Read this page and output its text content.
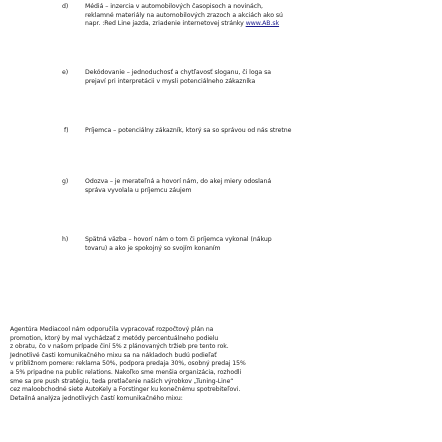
d)	Médiá – inzercia v automobilových časopisoch a novinách,
reklamné materiály na automobilových zrazoch a akciách ako sú
napr. :Red Line jazda, zriadenie internetovej stránky www.AB.sk
e)	Dekódovanie – jednoduchosť a chytľavosť sloganu, či loga sa
prejaví pri interpretácii v mysli potenciálneho zákazníka
f)	Príjemca – potenciálny zákazník, ktorý sa so správou od nás stretne
g)	Odozva – je merateľná a hovorí nám, do akej miery odoslaná
správa vyvolala u príjemcu záujem
h)	Spätná väzba – hovorí nám o tom či príjemca vykonal (nákup
tovaru) a ako je spokojný so svojím konaním
Agentúra Mediacool nám odporučila vypracovať rozpočtový plán na
promotion, ktorý by mal vychádzať z metódy percentuálneho podielu
z obratu, čo v našom prípade činí 5% z plánovaných tržieb pre tento rok.
Jednotlivé časti komunikačného mixu sa na nákladoch budú podieľať
v približnom pomere: reklama 50%, podpora predaja 30%, osobný predaj 15%
a 5% pripadne na public relations. Nakoľko sme menšia organizácia, rozhodli
sme sa pre push stratégiu, teda pretlačenie našich výrobkov „Tuning-Line“
cez maloobchodné siete AutoKely a Forstinger ku konečnému spotrebiteľovi.
Detailná analýza jednotlivých častí komunikačného mixu:
